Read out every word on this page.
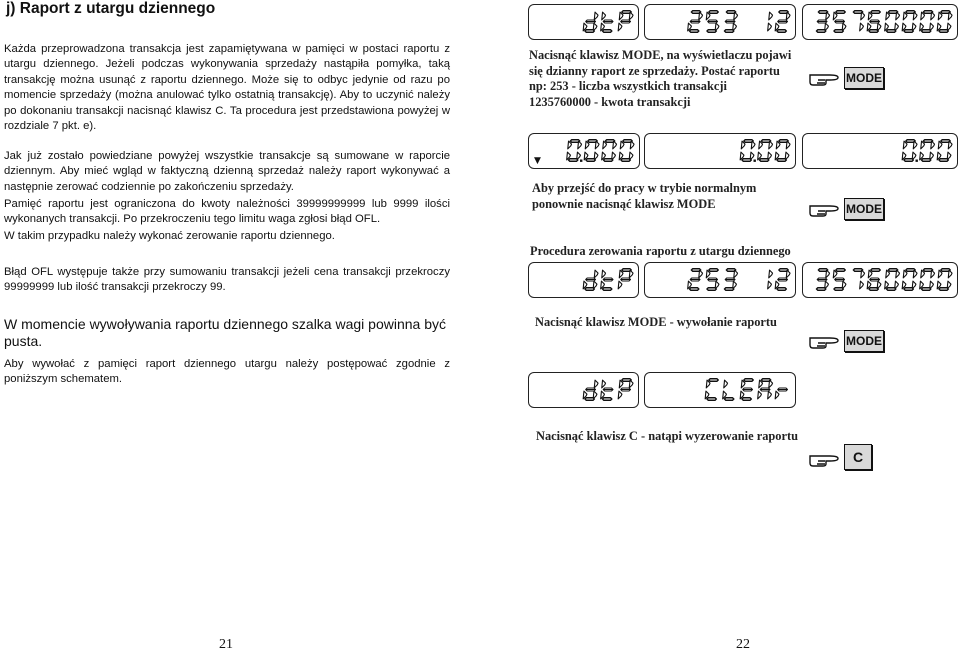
j) Raport z utargu dziennego
Każda przeprowadzona transakcja jest zapamiętywana w pamięci w postaci raportu z utargu dziennego. Jeżeli podczas wykonywania sprzedaży nastąpiła pomyłka, taką transakcję można usunąć z raportu dziennego. Może się to odbyc jedynie od razu po momencie sprzedaży (można anulować tylko ostatnią transakcję). Aby to uczynić należy po dokonaniu transakcji nacisnąć klawisz C. Ta procedura jest przedstawiona powyżej w rozdziale 7 pkt. e).
Jak już zostało powiedziane powyżej wszystkie transakcje są sumowane w raporcie dziennym. Aby mieć wgląd w faktyczną dzienną sprzedaż należy raport wykonywać a następnie zerować codziennie po zakończeniu sprzedaży.
Pamięć raportu jest ograniczona do kwoty należności 39999999999 lub 9999 ilości wykonanych transakcji. Po przekroczeniu tego limitu waga zgłosi błąd OFL.
W takim przypadku należy wykonać zerowanie raportu dziennego.
Błąd OFL występuje także przy sumowaniu transakcji jeżeli cena transakcji przekroczy 99999999 lub ilość transakcji przekroczy 99.
W momencie wywoływania raportu dziennego szalka wagi powinna być pusta.
Aby wywołać z pamięci raport dziennego utargu należy postępować zgodnie z poniższym schematem.
21
Nacisnąć klawisz MODE, na wyświetlaczu pojawi
się dzianny raport ze sprzedaży. Postać raportu
np: 253 - liczba wszystkich transakcji
1235760000 - kwota transakcji
MODE
▼
Aby przejść do pracy w trybie normalnym
ponownie nacisnąć klawisz MODE	MODE
Procedura zerowania raportu z utargu dziennego
Nacisnąć klawisz MODE - wywołanie raportu
MODE
Nacisnąć klawisz C - natąpi wyzerowanie raportu
C
22
